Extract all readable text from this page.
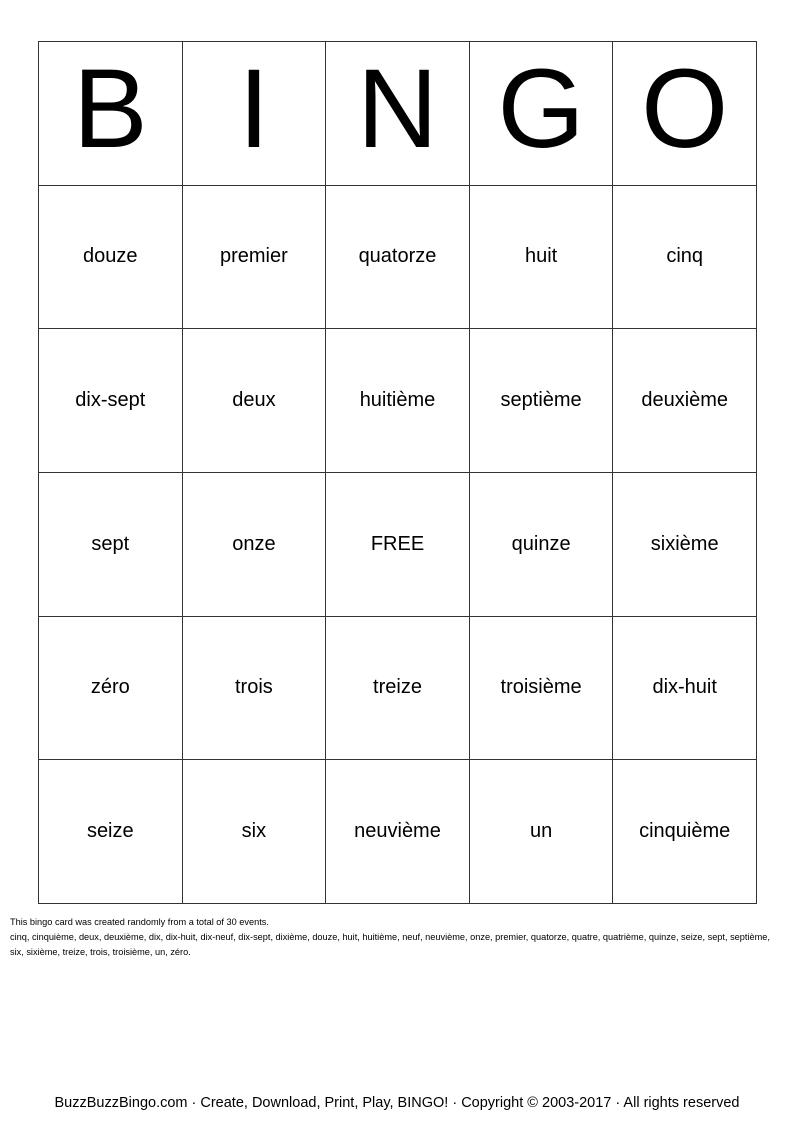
B I N G O
douze	premier	quatorze	huit	cinq
dix-sept	deux	huitième	septième	deuxième
sept	onze	FREE	quinze	sixième
zéro	trois	treize	troisième	dix-huit
seize	six	neuvième	un	cinquième

This bingo card was created randomly from a total of 30 events.

cinq, cinquième, deux, deuxième, dix, dix-huit, dix-neuf, dix-sept, dixième, douze, huit, huitième, neuf, neuvième, onze, premier, quatorze, quatre, quatrième, quinze, seize, sept, septième, six, sixième, treize, trois, troisième, un, zéro.

BuzzBuzzBingo.com · Create, Download, Print, Play, BINGO! · Copyright © 2003-2017 · All rights reserved
